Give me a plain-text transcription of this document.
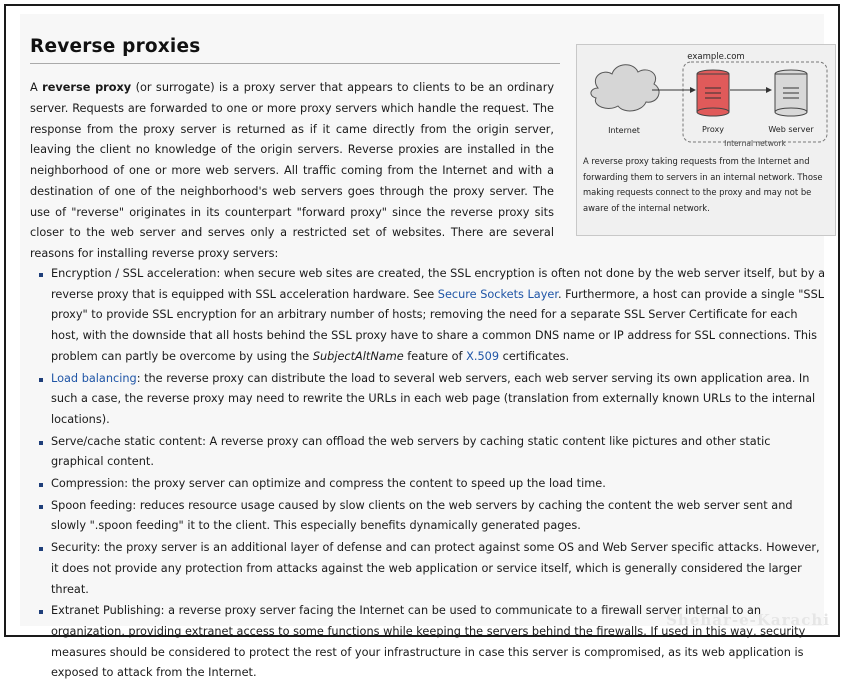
Reverse proxies	example.com
Internet	Proxy	Web server
Internal network
A reverse proxy taking requests from the Internet and forwarding them to servers in an internal network. Those making requests connect to the proxy and may not be aware of the internal network.

A reverse proxy (or surrogate) is a proxy server that appears to clients to be an ordinary server. Requests are forwarded to one or more proxy servers which handle the request. The response from the proxy server is returned as if it came directly from the origin server, leaving the client no knowledge of the origin servers. Reverse proxies are installed in the neighborhood of one or more web servers. All traffic coming from the Internet and with a destination of one of the neighborhood's web servers goes through the proxy server. The use of "reverse" originates in its counterpart "forward proxy" since the reverse proxy sits closer to the web server and serves only a restricted set of websites. There are several reasons for installing reverse proxy servers:

Encryption / SSL acceleration: when secure web sites are created, the SSL encryption is often not done by the web server itself, but by a reverse proxy that is equipped with SSL acceleration hardware. See Secure Sockets Layer. Furthermore, a host can provide a single "SSL proxy" to provide SSL encryption for an arbitrary number of hosts; removing the need for a separate SSL Server Certificate for each host, with the downside that all hosts behind the SSL proxy have to share a common DNS name or IP address for SSL connections. This problem can partly be overcome by using the SubjectAltName feature of X.509 certificates.
Load balancing: the reverse proxy can distribute the load to several web servers, each web server serving its own application area. In such a case, the reverse proxy may need to rewrite the URLs in each web page (translation from externally known URLs to the internal locations).
Serve/cache static content: A reverse proxy can offload the web servers by caching static content like pictures and other static graphical content.
Compression: the proxy server can optimize and compress the content to speed up the load time.
Spoon feeding: reduces resource usage caused by slow clients on the web servers by caching the content the web server sent and slowly ".spoon feeding" it to the client. This especially benefits dynamically generated pages.
Security: the proxy server is an additional layer of defense and can protect against some OS and Web Server specific attacks. However, it does not provide any protection from attacks against the web application or service itself, which is generally considered the larger threat.
Extranet Publishing: a reverse proxy server facing the Internet can be used to communicate to a firewall server internal to an organization, providing extranet access to some functions while keeping the servers behind the firewalls. If used in this way, security measures should be considered to protect the rest of your infrastructure in case this server is compromised, as its web application is exposed to attack from the Internet.
Shehar-e-Karachi
